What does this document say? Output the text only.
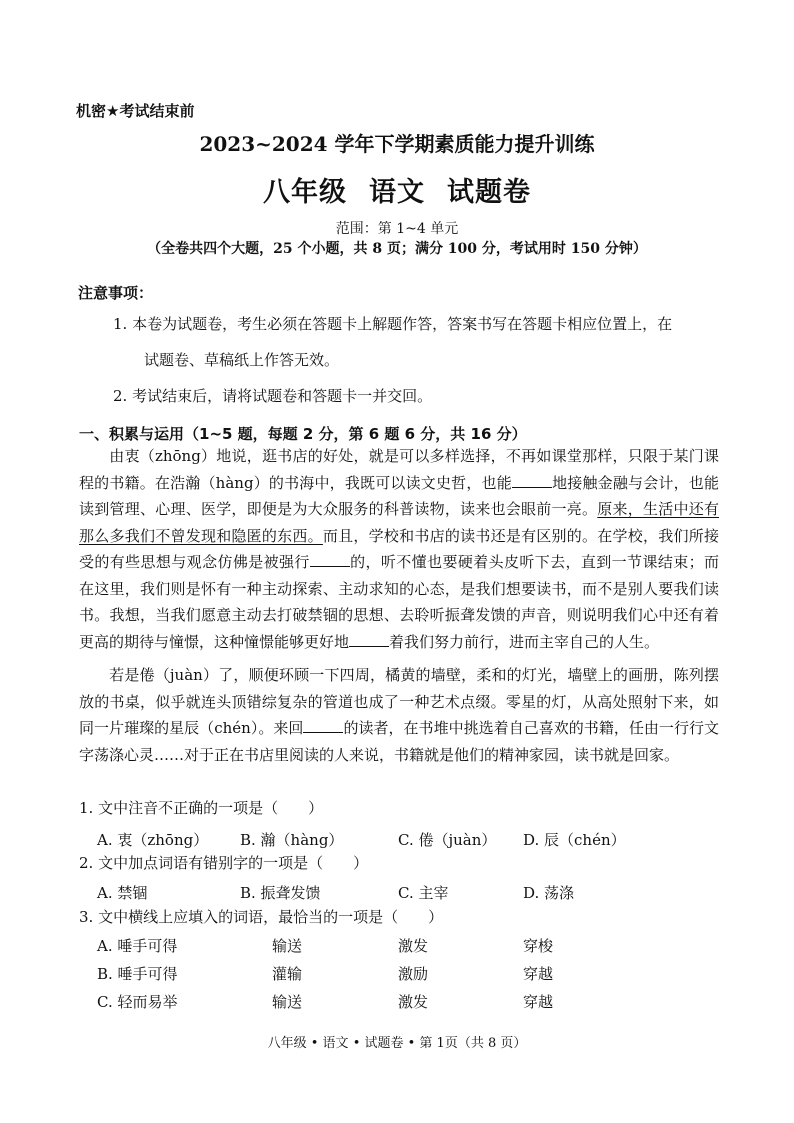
机密★考试结束前
2023~2024 学年下学期素质能力提升训练
八年级 语文 试题卷
范围：第 1~4 单元
（全卷共四个大题，25 个小题，共 8 页；满分 100 分，考试用时 150 分钟）
注意事项：
1. 本卷为试题卷，考生必须在答题卡上解题作答，答案书写在答题卡相应位置上，在
试题卷、草稿纸上作答无效。
2. 考试结束后，请将试题卷和答题卡一并交回。
一、积累与运用（1~5 题，每题 2 分，第 6 题 6 分，共 16 分）
由衷（zhōng）地说，逛书店的好处，就是可以多样选择，不再如课堂那样，只限于某门课程的书籍。在浩瀚（hàng）的书海中，我既可以读文史哲，也能	地接触金融与会计，也能读到管理、心理、医学，即便是为大众服务的科普读物，读来也会眼前一亮。原来，生活中还有那么多我们不曾发现和隐匿的东西。而且，学校和书店的读书还是有区别的。在学校，我们所接受的有些思想与观念仿佛是被强行	的，听不懂也要硬着头皮听下去，直到一节课结束；而在这里，我们则是怀有一种主动探索、主动求知的心态，是我们想要读书，而不是别人要我们读书。我想，当我们愿意主动去打破禁锢的思想、去聆听振聋发馈的声音，则说明我们心中还有着更高的期待与憧憬，这种憧憬能够更好地	着我们努力前行，进而主宰自己的人生。
若是倦（juàn）了，顺便环顾一下四周，橘黄的墙壁，柔和的灯光，墙壁上的画册，陈列摆放的书桌，似乎就连头顶错综复杂的管道也成了一种艺术点缀。零星的灯，从高处照射下来，如同一片璀璨的星辰（chén）。来回	的读者，在书堆中挑选着自己喜欢的书籍，任由一行行文字荡涤心灵……对于正在书店里阅读的人来说，书籍就是他们的精神家园，读书就是回家。
1. 文中注音不正确的一项是（　　）
A. 衷（zhōng） B. 瀚（hàng）	C. 倦（juàn） D. 辰（chén）
2. 文中加点词语有错别字的一项是（　　）
A. 禁锢	B. 振聋发馈	C. 主宰	D. 荡涤
3. 文中横线上应填入的词语，最恰当的一项是（　　）
A. 唾手可得	输送	激发	穿梭
B. 唾手可得	灌输	激励	穿越
C. 轻而易举	输送	激发	穿越
八年级 • 语文 • 试题卷 • 第 1页（共 8 页）
